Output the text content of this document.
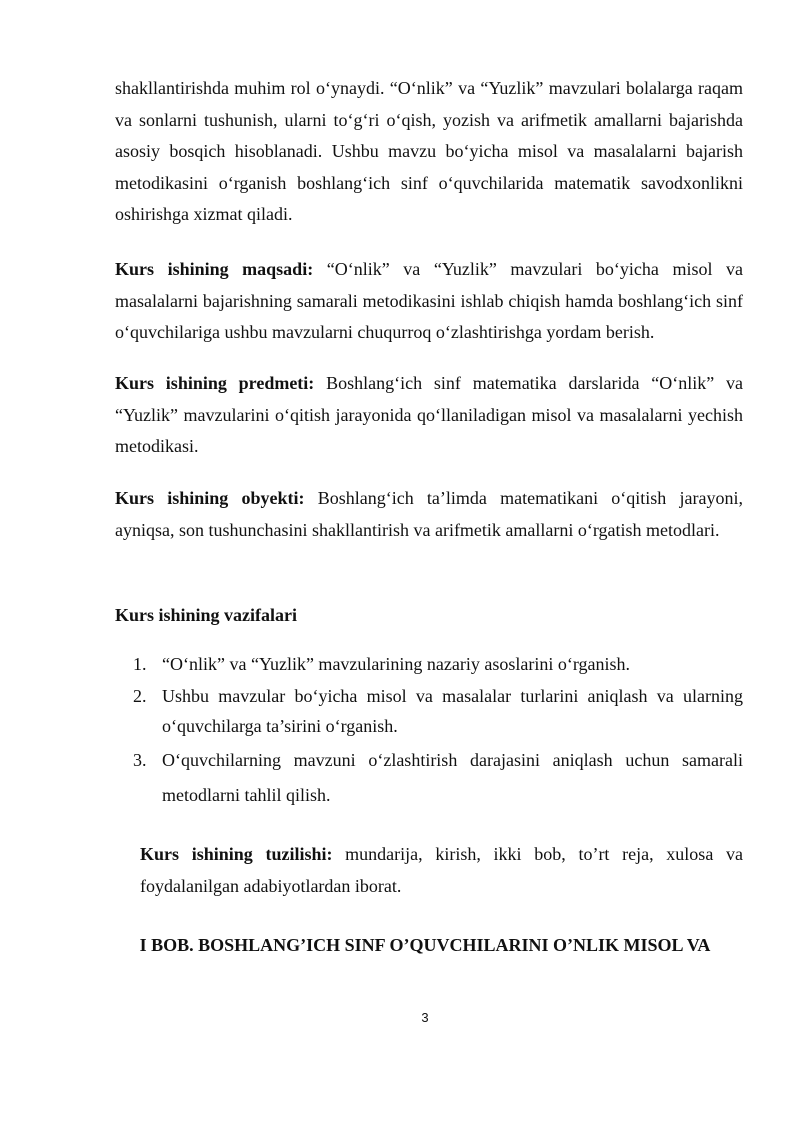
shakllantirishda muhim rol o‘ynaydi. “O‘nlik” va “Yuzlik” mavzulari bolalarga raqam va sonlarni tushunish, ularni to‘g‘ri o‘qish, yozish va arifmetik amallarni bajarishda asosiy bosqich hisoblanadi. Ushbu mavzu bo‘yicha misol va masalalarni bajarish metodikasini o‘rganish boshlang‘ich sinf o‘quvchilarida matematik savodxonlikni oshirishga xizmat qiladi.

Kurs ishining maqsadi: “O‘nlik” va “Yuzlik” mavzulari bo‘yicha misol va masalalarni bajarishning samarali metodikasini ishlab chiqish hamda boshlang‘ich sinf o‘quvchilariga ushbu mavzularni chuqurroq o‘zlashtirishga yordam berish.

Kurs ishining predmeti: Boshlang‘ich sinf matematika darslarida “O‘nlik” va “Yuzlik” mavzularini o‘qitish jarayonida qo‘llaniladigan misol va masalalarni yechish metodikasi.

Kurs ishining obyekti: Boshlang‘ich ta’limda matematikani o‘qitish jarayoni, ayniqsa, son tushunchasini shakllantirish va arifmetik amallarni o‘rgatish metodlari.

Kurs ishining vazifalari

1. “O‘nlik” va “Yuzlik” mavzularining nazariy asoslarini o‘rganish.
2. Ushbu mavzular bo‘yicha misol va masalalar turlarini aniqlash va ularning o‘quvchilarga ta’sirini o‘rganish.
3. O‘quvchilarning mavzuni o‘zlashtirish darajasini aniqlash uchun samarali metodlarni tahlil qilish.

Kurs ishining tuzilishi: mundarija, kirish, ikki bob, to’rt reja, xulosa va foydalanilgan adabiyotlardan iborat.

I BOB. BOSHLANG’ICH SINF O’QUVCHILARINI O’NLIK MISOL VA

3
